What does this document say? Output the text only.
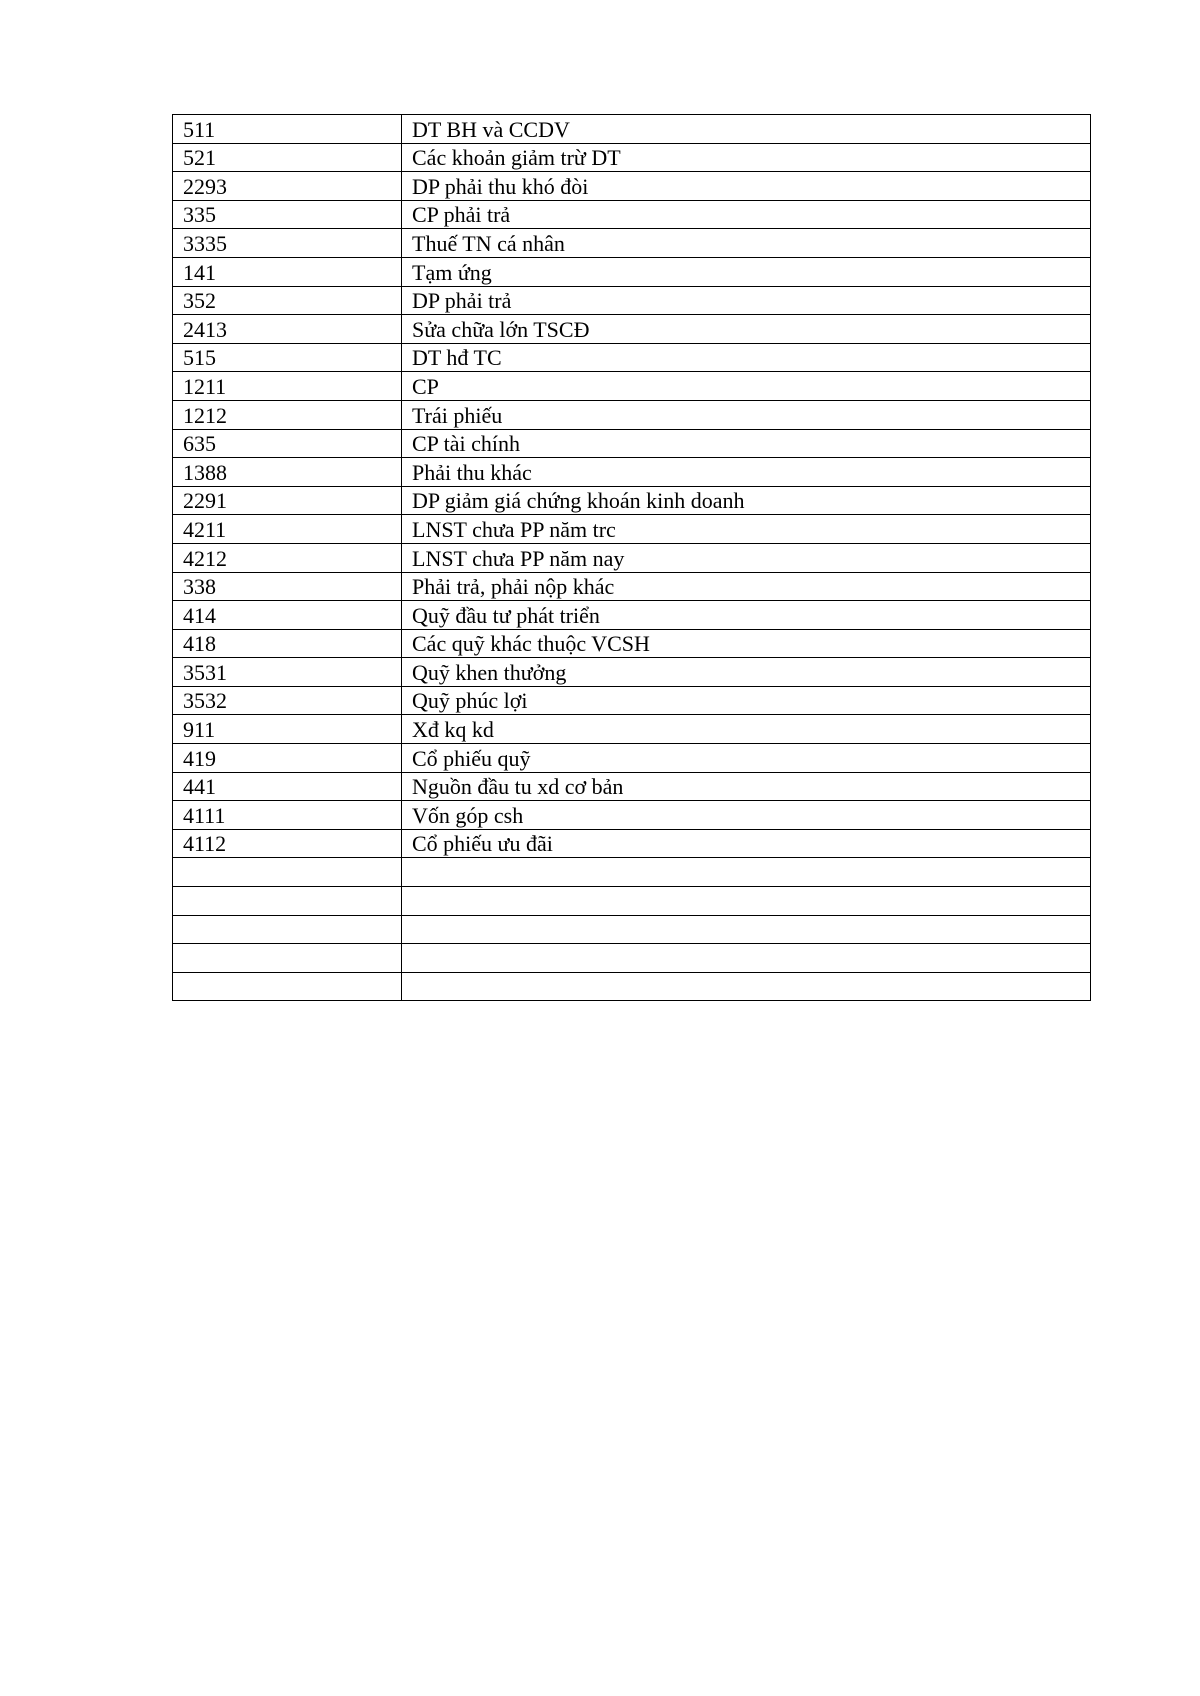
511	DT BH và CCDV
521	Các khoản giảm trừ DT
2293	DP phải thu khó đòi
335	CP phải trả
3335	Thuế TN cá nhân
141	Tạm ứng
352	DP phải trả
2413	Sửa chữa lớn TSCĐ
515	DT hđ TC
1211	CP
1212	Trái phiếu
635	CP tài chính
1388	Phải thu khác
2291	DP giảm giá chứng khoán kinh doanh
4211	LNST chưa PP năm trc
4212	LNST chưa PP năm nay
338	Phải trả, phải nộp khác
414	Quỹ đầu tư phát triển
418	Các quỹ khác thuộc VCSH
3531	Quỹ khen thưởng
3532	Quỹ phúc lợi
911	Xđ kq kd
419	Cổ phiếu quỹ
441	Nguồn đầu tu xd cơ bản
4111	Vốn góp csh
4112	Cổ phiếu ưu đãi
